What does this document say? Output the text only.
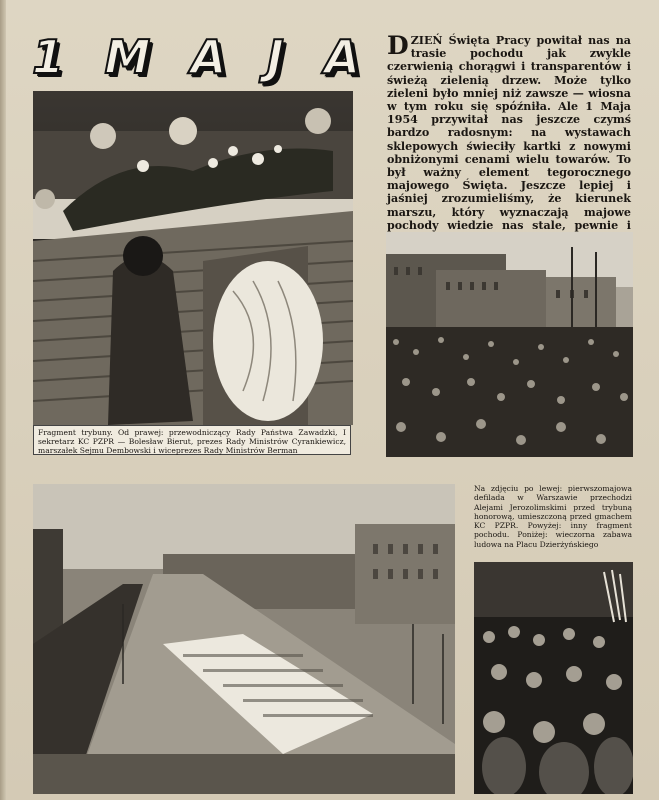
1 M A J A DZIEŃ Święta Pracy powitał nas na trasie pochodu jak zwykle czerwienią chorągwi i transparentów i świeżą zielenią drzew. Może tylko zieleni było mniej niż zawsze — wiosna w tym roku się spóźniła. Ale 1 Maja 1954 przywitał nas jeszcze czymś bardzo radosnym: na wystawach sklepowych świeciły kartki z nowymi obniżonymi cenami wielu towarów. To był ważny element tegorocznego majowego Święta. Jeszcze lepiej i jaśniej zrozumieliśmy, że kierunek marszu, który wyznaczają majowe pochody wiedzie nas stale, pewnie i
Fragment trybuny. Od prawej: przewodniczący Rady Państwa Zawadzki, I sekretarz KC PZPR — Bolesław Bierut, prezes Rady Ministrów Cyrankiewicz, marszałek Sejmu Dembowski i wiceprezes Rady Ministrów Berman
Na zdjęciu po lewej: pierwszomajowa defilada w Warszawie przechodzi Alejami Jerozolimskimi przed trybuną honorową, umieszczoną przed gmachem KC PZPR. Powyżej: inny fragment pochodu. Poniżej: wieczorna zabawa ludowa na Placu Dzierżyńskiego
